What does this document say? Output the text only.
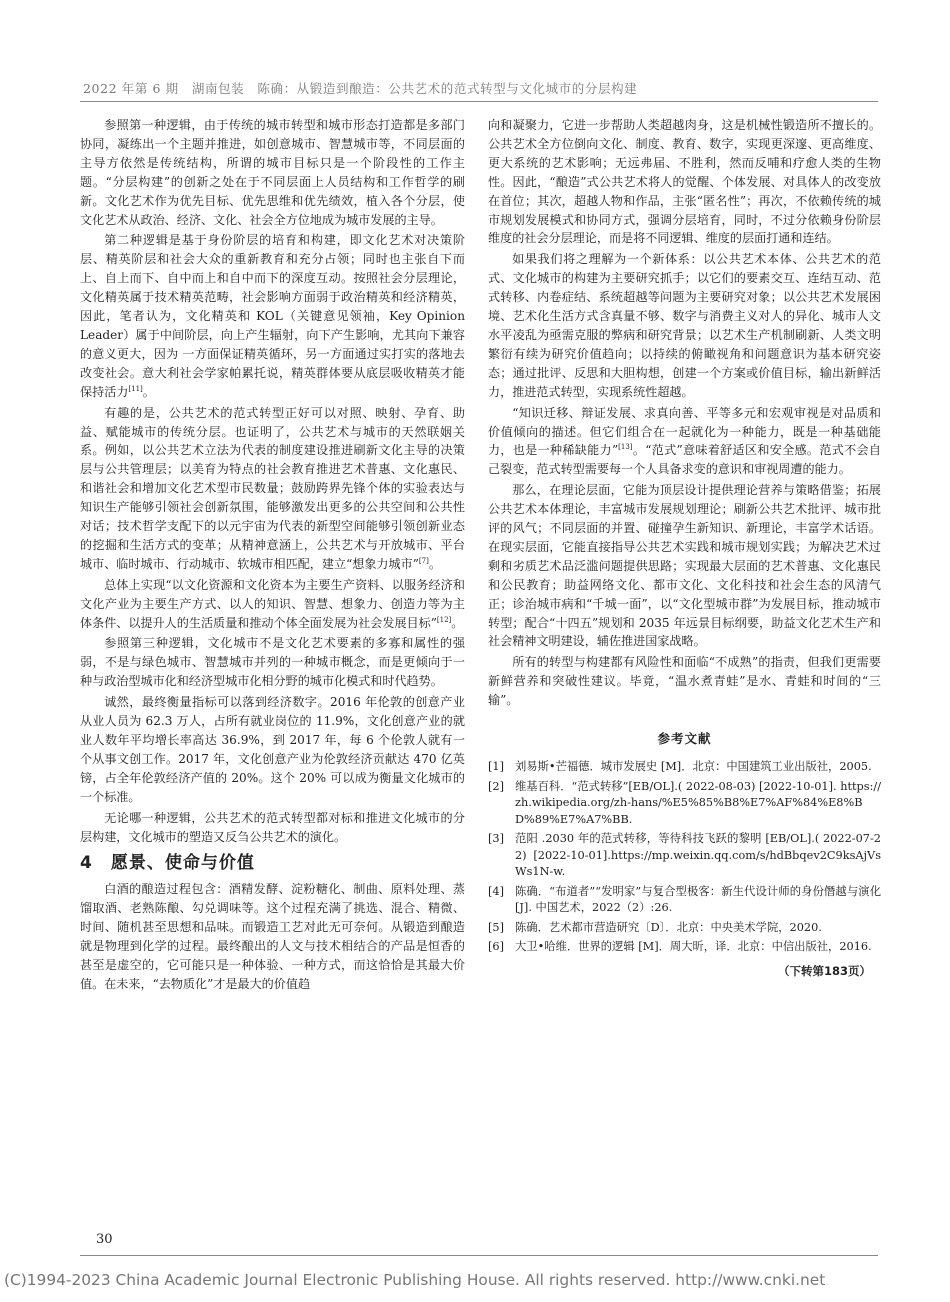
2022 年第 6 期　湖南包装　陈确：从锻造到酿造：公共艺术的范式转型与文化城市的分层构建

参照第一种逻辑，由于传统的城市转型和城市形态打造都是多部门协同，凝练出一个主题并推进，如创意城市、智慧城市等，不同层面的主导方依然是传统结构，所谓的城市目标只是一个阶段性的工作主题。“分层构建”的创新之处在于不同层面上人员结构和工作哲学的刷新。文化艺术作为优先目标、优先思维和优先绩效，植入各个分层，使文化艺术从政治、经济、文化、社会全方位地成为城市发展的主导。

第二种逻辑是基于身份阶层的培育和构建，即文化艺术对决策阶层、精英阶层和社会大众的重新教育和充分占领；同时也主张自下而上、自上而下、自中而上和自中而下的深度互动。按照社会分层理论，文化精英属于技术精英范畴，社会影响方面弱于政治精英和经济精英，因此，笔者认为，文化精英和 KOL（关键意见领袖，Key Opinion Leader）属于中间阶层，向上产生辐射，向下产生影响，尤其向下兼容的意义更大，因为 一方面保证精英循环，另一方面通过实打实的落地去改变社会。意大利社会学家帕累托说，精英群体要从底层吸收精英才能保持活力[11]。

有趣的是，公共艺术的范式转型正好可以对照、映射、孕育、助益、赋能城市的传统分层。也证明了，公共艺术与城市的天然联姻关系。例如，以公共艺术立法为代表的制度建设推进刷新文化主导的决策层与公共管理层；以美育为特点的社会教育推进艺术普惠、文化惠民、和谐社会和增加文化艺术型市民数量；鼓励跨界先锋个体的实验表达与知识生产能够引领社会创新氛围，能够激发出更多的公共空间和公共性对话；技术哲学支配下的以元宇宙为代表的新型空间能够引领创新业态的挖掘和生活方式的变革；从精神意涵上，公共艺术与开放城市、平台城市、临时城市、行动城市、软城市相匹配，建立“想象力城市”[7]。

总体上实现“以文化资源和文化资本为主要生产资料、以服务经济和文化产业为主要生产方式、以人的知识、智慧、想象力、创造力等为主体条件、以提升人的生活质量和推动个体全面发展为社会发展目标”[12]。

参照第三种逻辑，文化城市不是文化艺术要素的多寡和属性的强弱，不是与绿色城市、智慧城市并列的一种城市概念，而是更倾向于一种与政治型城市化和经济型城市化相分野的城市化模式和时代趋势。

诚然，最终衡量指标可以落到经济数字。2016 年伦敦的创意产业从业人员为 62.3 万人，占所有就业岗位的 11.9%，文化创意产业的就业人数年平均增长率高达 36.9%，到 2017 年，每 6 个伦敦人就有一个从事文创工作。2017 年，文化创意产业为伦敦经济贡献达 470 亿英镑，占全年伦敦经济产值的 20%。这个 20% 可以成为衡量文化城市的一个标准。

无论哪一种逻辑，公共艺术的范式转型都对标和推进文化城市的分层构建，文化城市的塑造又反刍公共艺术的演化。

4　愿景、使命与价值

白酒的酿造过程包含：酒精发酵、淀粉糖化、制曲、原料处理、蒸馏取酒、老熟陈酿、勾兑调味等。这个过程充满了挑选、混合、精微、时间、随机甚至思想和品味。而锻造工艺对此无可奈何。从锻造到酿造就是物理到化学的过程。最终酿出的人文与技术相结合的产品是恒香的甚至是虚空的，它可能只是一种体验、一种方式，而这恰恰是其最大价值。在未来，“去物质化”才是最大的价值趋

向和凝聚力，它进一步帮助人类超越肉身，这是机械性锻造所不擅长的。公共艺术全方位倒向文化、制度、教育、数字，实现更深邃、更高维度、更大系统的艺术影响；无远弗届、不胜利，然而反哺和疗愈人类的生物性。因此，“酿造”式公共艺术将人的觉醒、个体发展、对具体人的改变放在首位；其次，超越人物和作品，主张“匿名性”；再次，不依赖传统的城市规划发展模式和协同方式，强调分层培育，同时，不过分依赖身份阶层维度的社会分层理论，而是将不同逻辑、维度的层面打通和连结。

如果我们将之理解为一个新体系：以公共艺术本体、公共艺术的范式、文化城市的构建为主要研究抓手；以它们的要素交互、连结互动、范式转移、内卷症结、系统超越等问题为主要研究对象；以公共艺术发展困境、艺术化生活方式含真量不够、数字与消费主义对人的异化、城市人文水平凌乱为亟需克服的弊病和研究背景；以艺术生产机制刷新、人类文明繁衍有续为研究价值趋向；以持续的俯瞰视角和问题意识为基本研究姿态；通过批评、反思和大胆构想，创建一个方案或价值目标，输出新鲜活力，推进范式转型，实现系统性超越。

“知识迁移、辩证发展、求真向善、平等多元和宏观审视是对品质和价值倾向的描述。但它们组合在一起就化为一种能力，既是一种基础能力，也是一种稀缺能力”[13]。“范式”意味着舒适区和安全感。范式不会自己裂变，范式转型需要每一个人具备求变的意识和审视周遭的能力。

那么，在理论层面，它能为顶层设计提供理论营养与策略借鉴；拓展公共艺术本体理论，丰富城市发展规划理论；刷新公共艺术批评、城市批评的风气；不同层面的并置、碰撞孕生新知识、新理论，丰富学术话语。在现实层面，它能直接指导公共艺术实践和城市规划实践；为解决艺术过剩和劣质艺术品泛滥问题提供思路；实现最大层面的艺术普惠、文化惠民和公民教育；助益网络文化、都市文化、文化科技和社会生态的风清气正；诊治城市病和“千城一面”，以“文化型城市群”为发展目标，推动城市转型；配合“十四五”规划和 2035 年远景目标纲要，助益文化艺术生产和社会精神文明建设，辅佐推进国家战略。

所有的转型与构建都有风险性和面临“不成熟”的指责，但我们更需要新鲜营养和突破性建议。毕竟，“温水煮青蛙”是水、青蛙和时间的“三输”。

参考文献
[1] 刘易斯•芒福德．城市发展史 [M]．北京：中国建筑工业出版社，2005.
[2] 维基百科．“范式转移”[EB/OL].( 2022-08-03) [2022-10-01]. https://zh.wikipedia.org/zh-hans/%E5%85%B8%E7%AF%84%E8%BD%89%E7%A7%BB.
[3] 范阳 .2030 年的范式转移，等待科技飞跃的黎明 [EB/OL].( 2022-07-22) [2022-10-01].https://mp.weixin.qq.com/s/hdBbqev2C9ksAjVsWs1N-w.
[4] 陈确．“布道者”“发明家”与复合型极客：新生代设计师的身份僭越与演化 [J]. 中国艺术，2022（2）:26.
[5] 陈确．艺术都市营造研究〔D〕．北京：中央美术学院，2020.
[6] 大卫•哈维．世界的逻辑 [M]．周大昕，译．北京：中信出版社，2016.
（下转第183页）
30
(C)1994-2023 China Academic Journal Electronic Publishing House. All rights reserved. http://www.cnki.net
